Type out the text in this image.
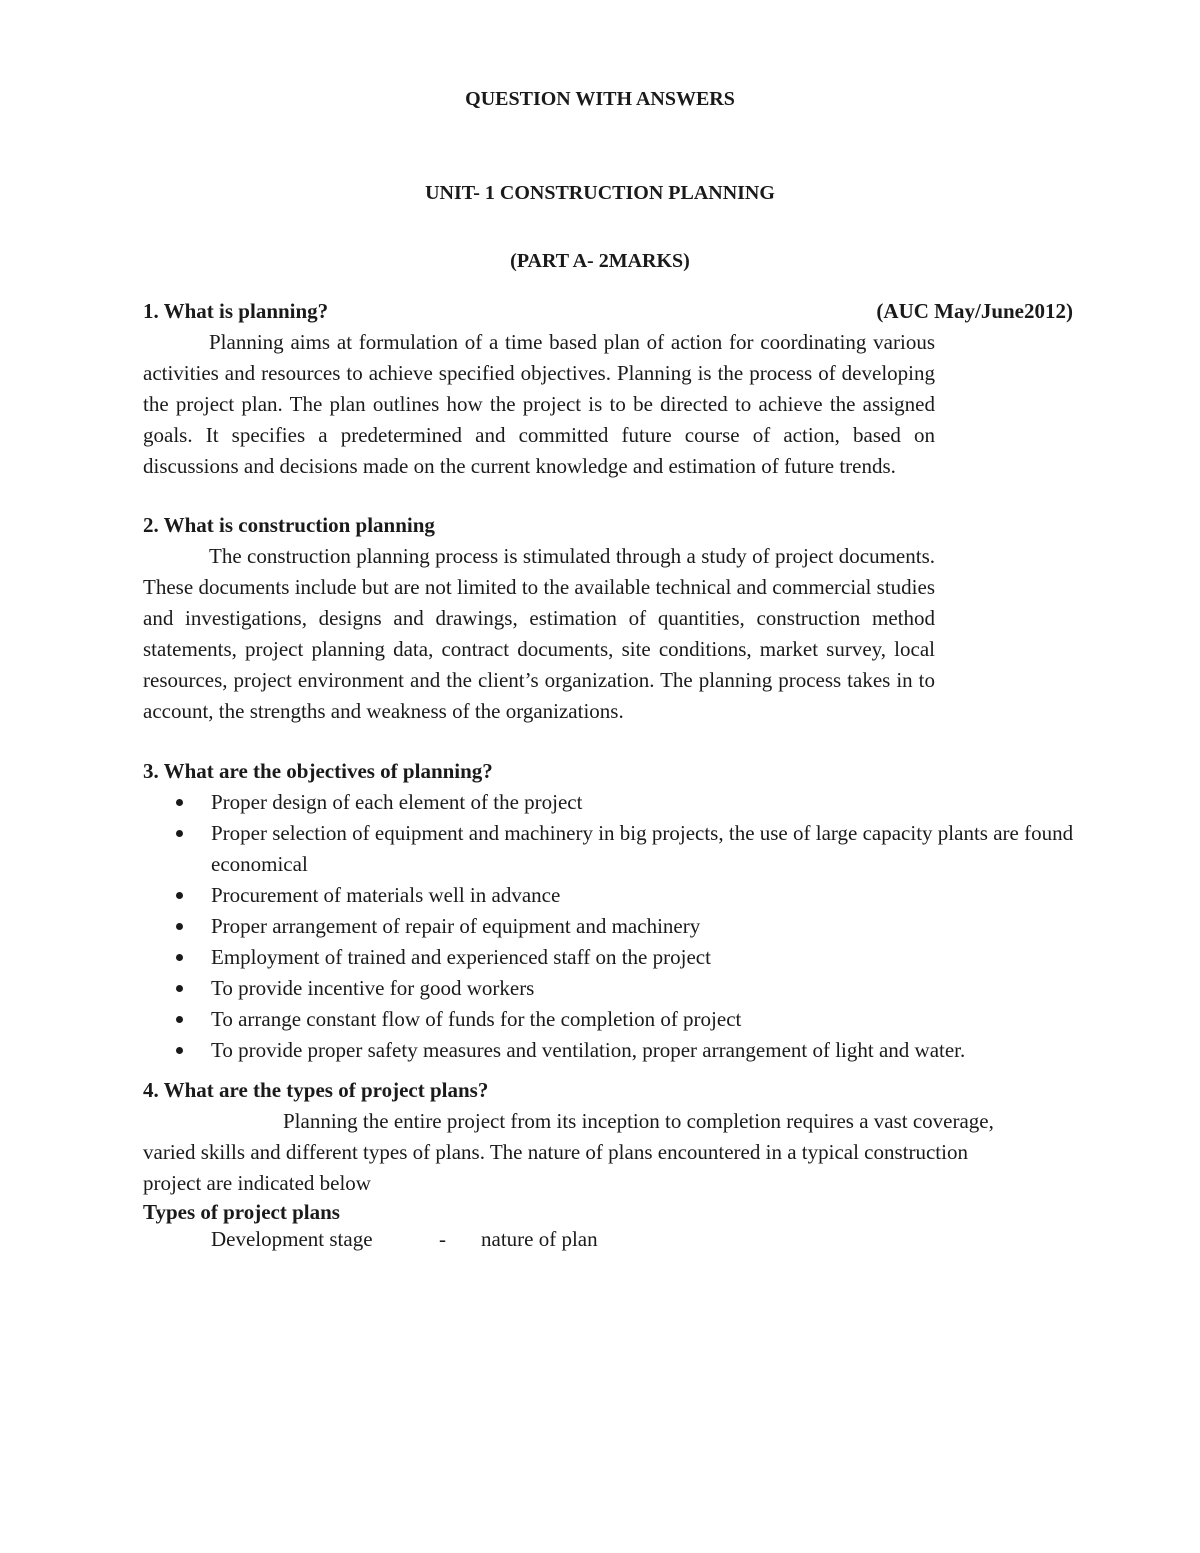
QUESTION WITH ANSWERS

UNIT- 1 CONSTRUCTION PLANNING

(PART A- 2MARKS)

1. What is planning?	(AUC May/June2012)

Planning aims at formulation of a time based plan of action for coordinating various activities and resources to achieve specified objectives. Planning is the process of developing the project plan. The plan outlines how the project is to be directed to achieve the assigned goals. It specifies a predetermined and committed future course of action, based on discussions and decisions made on the current knowledge and estimation of future trends.

2. What is construction planning

The construction planning process is stimulated through a study of project documents. These documents include but are not limited to the available technical and commercial studies and investigations, designs and drawings, estimation of quantities, construction method statements, project planning data, contract documents, site conditions, market survey, local resources, project environment and the client’s organization. The planning process takes in to account, the strengths and weakness of the organizations.

3. What are the objectives of planning?
Proper design of each element of the project
Proper selection of equipment and machinery in big projects, the use of large capacity plants are found economical
Procurement of materials well in advance
Proper arrangement of repair of equipment and machinery
Employment of trained and experienced staff on the project
To provide incentive for good workers
To arrange constant flow of funds for the completion of project
To provide proper safety measures and ventilation, proper arrangement of light and water.
4. What are the types of project plans?

Planning the entire project from its inception to completion requires a vast coverage, varied skills and different types of plans. The nature of plans encountered in a typical construction project are indicated below

Types of project plans
Development stage	-	nature of plan
